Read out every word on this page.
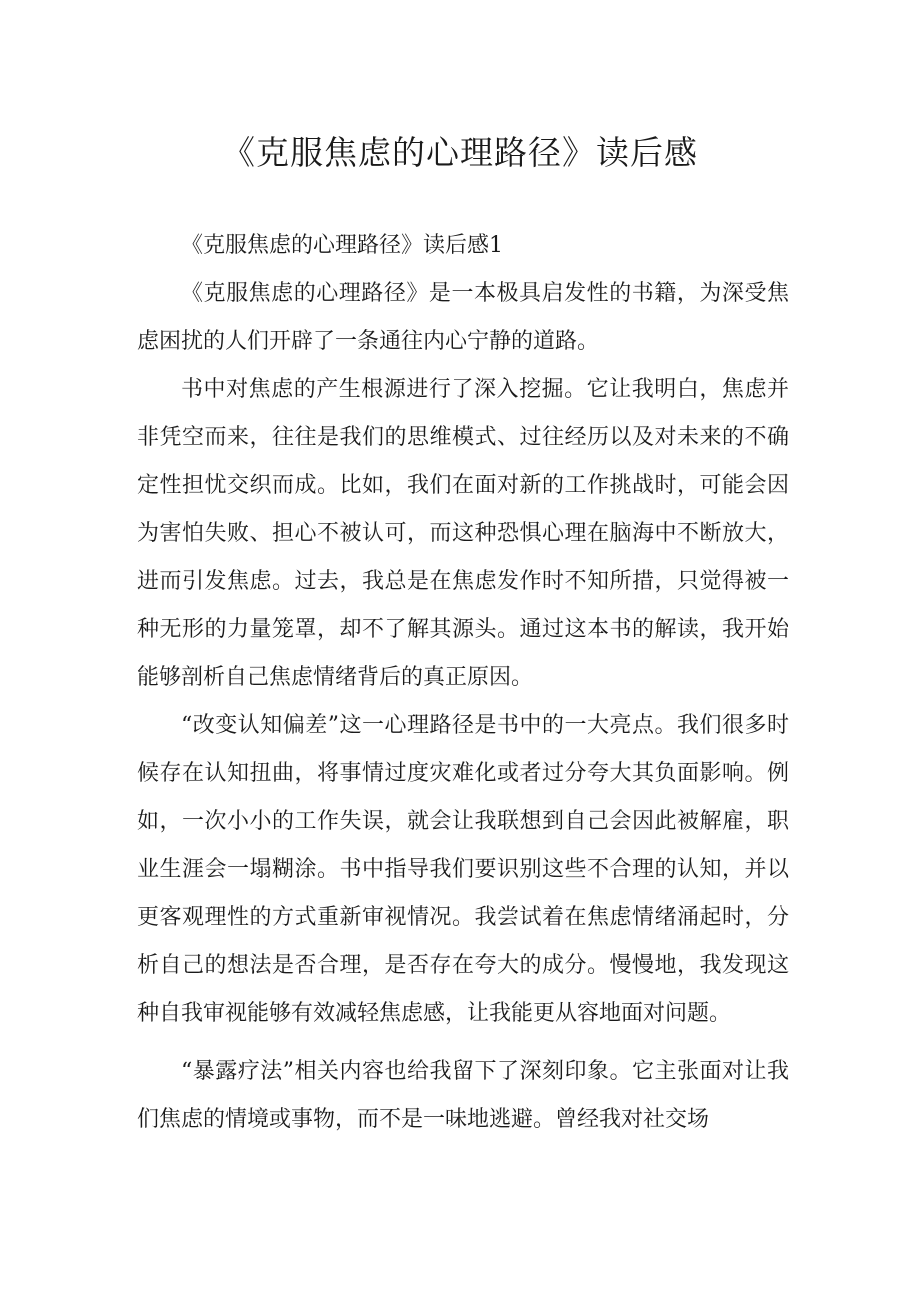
《克服焦虑的心理路径》读后感

《克服焦虑的心理路径》读后感1

《克服焦虑的心理路径》是一本极具启发性的书籍，为深受焦虑困扰的人们开辟了一条通往内心宁静的道路。

书中对焦虑的产生根源进行了深入挖掘。它让我明白，焦虑并非凭空而来，往往是我们的思维模式、过往经历以及对未来的不确定性担忧交织而成。比如，我们在面对新的工作挑战时，可能会因为害怕失败、担心不被认可，而这种恐惧心理在脑海中不断放大，进而引发焦虑。过去，我总是在焦虑发作时不知所措，只觉得被一种无形的力量笼罩，却不了解其源头。通过这本书的解读，我开始能够剖析自己焦虑情绪背后的真正原因。

“改变认知偏差”这一心理路径是书中的一大亮点。我们很多时候存在认知扭曲，将事情过度灾难化或者过分夸大其负面影响。例如，一次小小的工作失误，就会让我联想到自己会因此被解雇，职业生涯会一塌糊涂。书中指导我们要识别这些不合理的认知，并以更客观理性的方式重新审视情况。我尝试着在焦虑情绪涌起时，分析自己的想法是否合理，是否存在夸大的成分。慢慢地，我发现这种自我审视能够有效减轻焦虑感，让我能更从容地面对问题。

“暴露疗法”相关内容也给我留下了深刻印象。它主张面对让我们焦虑的情境或事物，而不是一味地逃避。曾经我对社交场
